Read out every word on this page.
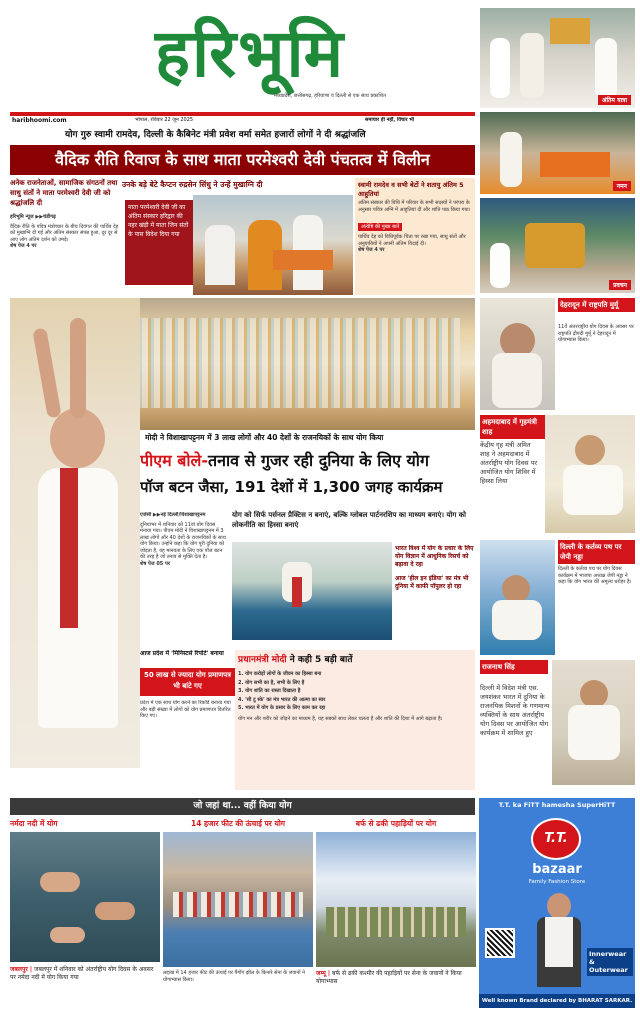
हरिभूमि
मध्यप्रदेश, छत्तीसगढ़, हरियाणा व दिल्ली से एक साथ प्रकाशित
haribhoomi.com	भोपाल, रविवार 22 जून 2025	समाचार ही नहीं, विचार भी
योग गुरु स्वामी रामदेव, दिल्ली के कैबिनेट मंत्री प्रवेश वर्मा समेत हजारों लोगों ने दी श्रद्धांजलि
वैदिक रीति रिवाज के साथ माता परमेश्वरी देवी पंचतत्व में विलीन
अनेक राजनेताओं, सामाजिक संगठनों तथा साधु संतों ने माता परमेश्वरी देवी जी को श्रद्धांजलि दी
हरिभूमि न्यूज ▶▶चंडीगढ़
वैदिक रीति के पवित्र मंत्रोच्चार के बीच दिवंगत की पार्थिव देह को मुखाग्नि दी गई और अंतिम संस्कार संपन्न हुआ, दूर दूर से आए लोग अंतिम दर्शन को उमड़े।
शेष पेज 4 पर
उनके बड़े बेटे कैप्टन रुद्रसेन सिंधु ने उन्हें मुखाग्नि दी
माता परमेश्वरी देवी जी का अंतिम संस्कार हरिद्वार की नहर खंड़ी में माता जिन संतों के पास विदेश दिया गया
स्वामी रामदेव व सभी बेटों ने शतायु अंतिम 5 आहुतियां
अंतिम संस्कार की विधि में परिवार के सभी सदस्यों ने परंपरा के अनुसार पवित्र अग्नि में आहुतियां दीं और शांति पाठ किया गया।
अंत्येष्टि की मुख्य बातें
पार्थिव देह को विधिपूर्वक चिता पर रखा गया, साधु संतों और अनुयायियों ने अपनी अंतिम विदाई दी।
शेष पेज 4 पर
अंतिम यात्रा
नमन
प्रवचन
मोदी ने विशाखापट्टनम में 3 लाख लोगों और 40 देशों के राजनयिकों के साथ योग किया
पीएम बोले-तनाव से गुजर रही दुनिया के लिए योग
पॉज बटन जैसा, 191 देशों में 1,300 जगह कार्यक्रम
एजेंसी ▶▶नई दिल्ली/विशाखापट्टनम
दुनियाभर में शनिवार को 11वां योग दिवस मनाया गया। पीएम मोदी ने विशाखापट्टनम में 3 लाख लोगों और 40 देशों के राजनयिकों के साथ योग किया। उन्होंने कहा कि योग पूरी दुनिया को जोड़ता है, यह मानवता के लिए एक पॉज बटन की तरह है जो तनाव से मुक्ति देता है।
शेष पेज 05 पर
योग को सिर्फ पर्सनल प्रैक्टिस न बनाएं, बल्कि ग्लोबल पार्टनरशिप का माध्यम बनाएं। योग को लोकनीति का हिस्सा बनाएं
भारत विश्व में योग के प्रचार के लिए योग विज्ञान में आधुनिक रिसर्च को बढ़ावा दे रहा
आज 'हील इन इंडिया' का मंत्र भी दुनिया में काफी पॉपुलर हो रहा
आज प्रदेश में 'मिनिस्टर्स रिपोर्ट' बनाया
50 लाख से ज्यादा योग प्रमाणपत्र भी बांटे गए
प्रदेश में एक साथ योग करने का रिकॉर्ड बनाया गया और बड़ी संख्या में लोगों को योग प्रमाणपत्र वितरित किए गए।
प्रधानमंत्री मोदी ने कही 5 बड़ी बातें
1. योग करोड़ों लोगों के जीवन का हिस्सा बना
2. योग सभी का है, सभी के लिए है
3. योग शांति का रास्ता दिखाता है
4. 'सी टू स्के' का मंत्र भारत की आत्मा का स्वर
5. भारत में योग के प्रसार के लिए काम कर रहा
योग मन और शरीर को जोड़ने का माध्यम है, यह सबको साथ लेकर चलता है और शांति की दिशा में आगे बढ़ाता है।
देहरादून में राष्ट्रपति मुर्मू
11वें अंतरराष्ट्रीय योग दिवस के अवसर पर राष्ट्रपति द्रौपदी मुर्मू ने देहरादून में योगाभ्यास किया।
अहमदाबाद में गृहमंत्री शाह
केंद्रीय गृह मंत्री अमित शाह ने अहमदाबाद में अंतर्राष्ट्रीय योग दिवस पर आयोजित योग शिविर में हिस्सा लिया
दिल्ली के कर्तव्य पथ पर जेपी नड्डा
दिल्ली के कर्तव्य पथ पर योग दिवस कार्यक्रम में भाजपा अध्यक्ष जेपी नड्डा ने कहा कि योग भारत की अमूल्य धरोहर है।
राजनाथ सिंह
दिल्ली में विदेश मंत्री एस. जयशंकर भारत में दुनिया के राजनयिक मिशनों के गणमान्य व्यक्तियों के साथ अंतर्राष्ट्रीय योग दिवस पर आयोजित योग कार्यक्रम में शामिल हुए
जो जहां था... वहीं किया योग
नर्मदा नदी में योग
जबलपुर | जबलपुर में शनिवार को अंतर्राष्ट्रीय योग दिवस के अवसर पर नर्मदा नदी में योग किया गया
14 हजार फीट की ऊंचाई पर योग
लद्दाख में 14 हजार फीट की ऊंचाई पर पैंगोंग झील के किनारे सेना के जवानों ने योगाभ्यास किया।
बर्फ से ढकी पहाड़ियों पर योग
जम्मू | बर्फ से ढकी कश्मीर की पहाड़ियों पर सेना के जवानों ने किया योगाभ्यास
T.T. ka FiTT hamesha SuperHiTT
T.T.
bazaar
Family Fashion Store
Innerwear
&
Outerwear
Well known Brand declared by BHARAT SARKAR.
